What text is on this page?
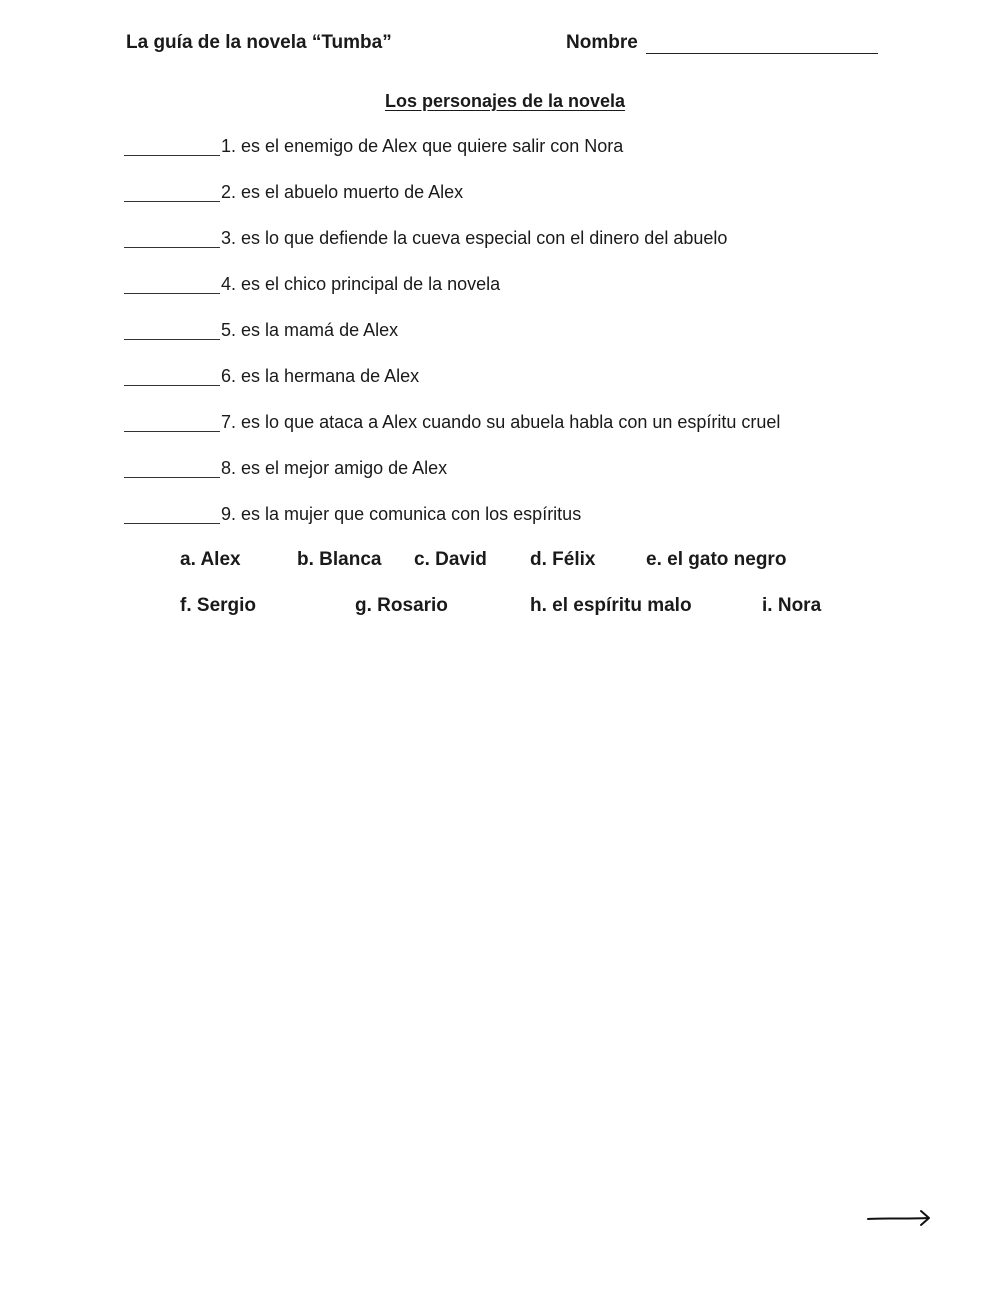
La guía de la novela “Tumba”	Nombre
Los personajes de la novela
1.
es el enemigo de Alex que quiere salir con Nora
2.
es el abuelo muerto de Alex
3.
es lo que defiende la cueva especial con el dinero del abuelo
4.
es el chico principal de la novela
5.
es la mamá de Alex
6.
es la hermana de Alex
7.
es lo que ataca a Alex cuando su abuela habla con un espíritu cruel
8.
es el mejor amigo de Alex
9.
es la mujer que comunica con los espíritus
a. Alex	b. Blanca c. David d. Félix	e. el gato negro
f. Sergio	g. Rosario	h. el espíritu malo	i. Nora
